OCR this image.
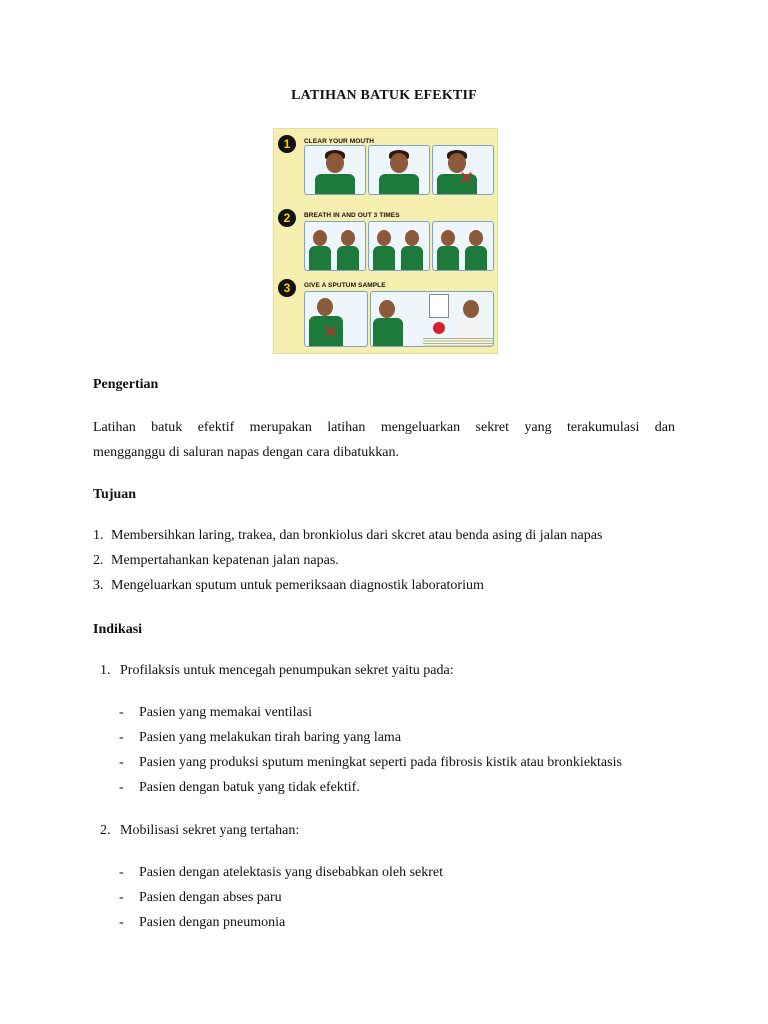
LATIHAN BATUK EFEKTIF
1	CLEAR YOUR MOUTH
✕
2	BREATH IN AND OUT 3 TIMES
3	GIVE A SPUTUM SAMPLE
✕
Pengertian
Latihan batuk efektif merupakan latihan mengeluarkan sekret yang terakumulasi dan
mengganggu di saluran napas dengan cara dibatukkan.
Tujuan
1. Membersihkan laring, trakea, dan bronkiolus dari skcret atau benda asing di jalan napas
2. Mempertahankan kepatenan jalan napas.
3. Mengeluarkan sputum untuk pemeriksaan diagnostik laboratorium
Indikasi
1. Profilaksis untuk mencegah penumpukan sekret yaitu pada:
- Pasien yang memakai ventilasi
- Pasien yang melakukan tirah baring yang lama
- Pasien yang produksi sputum meningkat seperti pada fibrosis kistik atau bronkiektasis
- Pasien dengan batuk yang tidak efektif.
2. Mobilisasi sekret yang tertahan:
- Pasien dengan atelektasis yang disebabkan oleh sekret
- Pasien dengan abses paru
- Pasien dengan pneumonia
